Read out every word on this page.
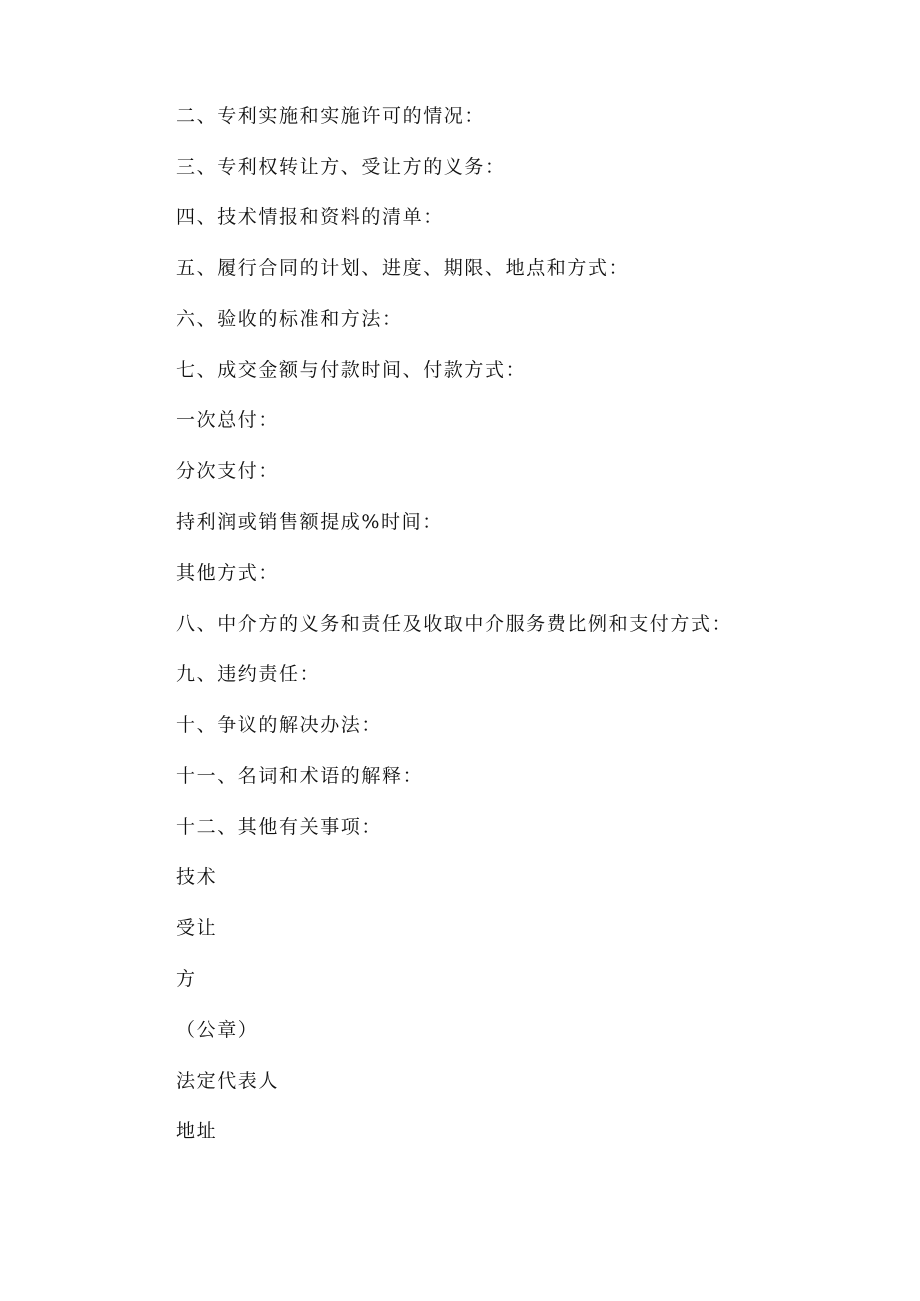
二、专利实施和实施许可的情况：
三、专利权转让方、受让方的义务：
四、技术情报和资料的清单：
五、履行合同的计划、进度、期限、地点和方式：
六、验收的标准和方法：
七、成交金额与付款时间、付款方式：
一次总付：
分次支付：
持利润或销售额提成%时间：
其他方式：
八、中介方的义务和责任及收取中介服务费比例和支付方式：
九、违约责任：
十、争议的解决办法：
十一、名词和术语的解释：
十二、其他有关事项：
技术
受让
方
（公章）
法定代表人
地址
